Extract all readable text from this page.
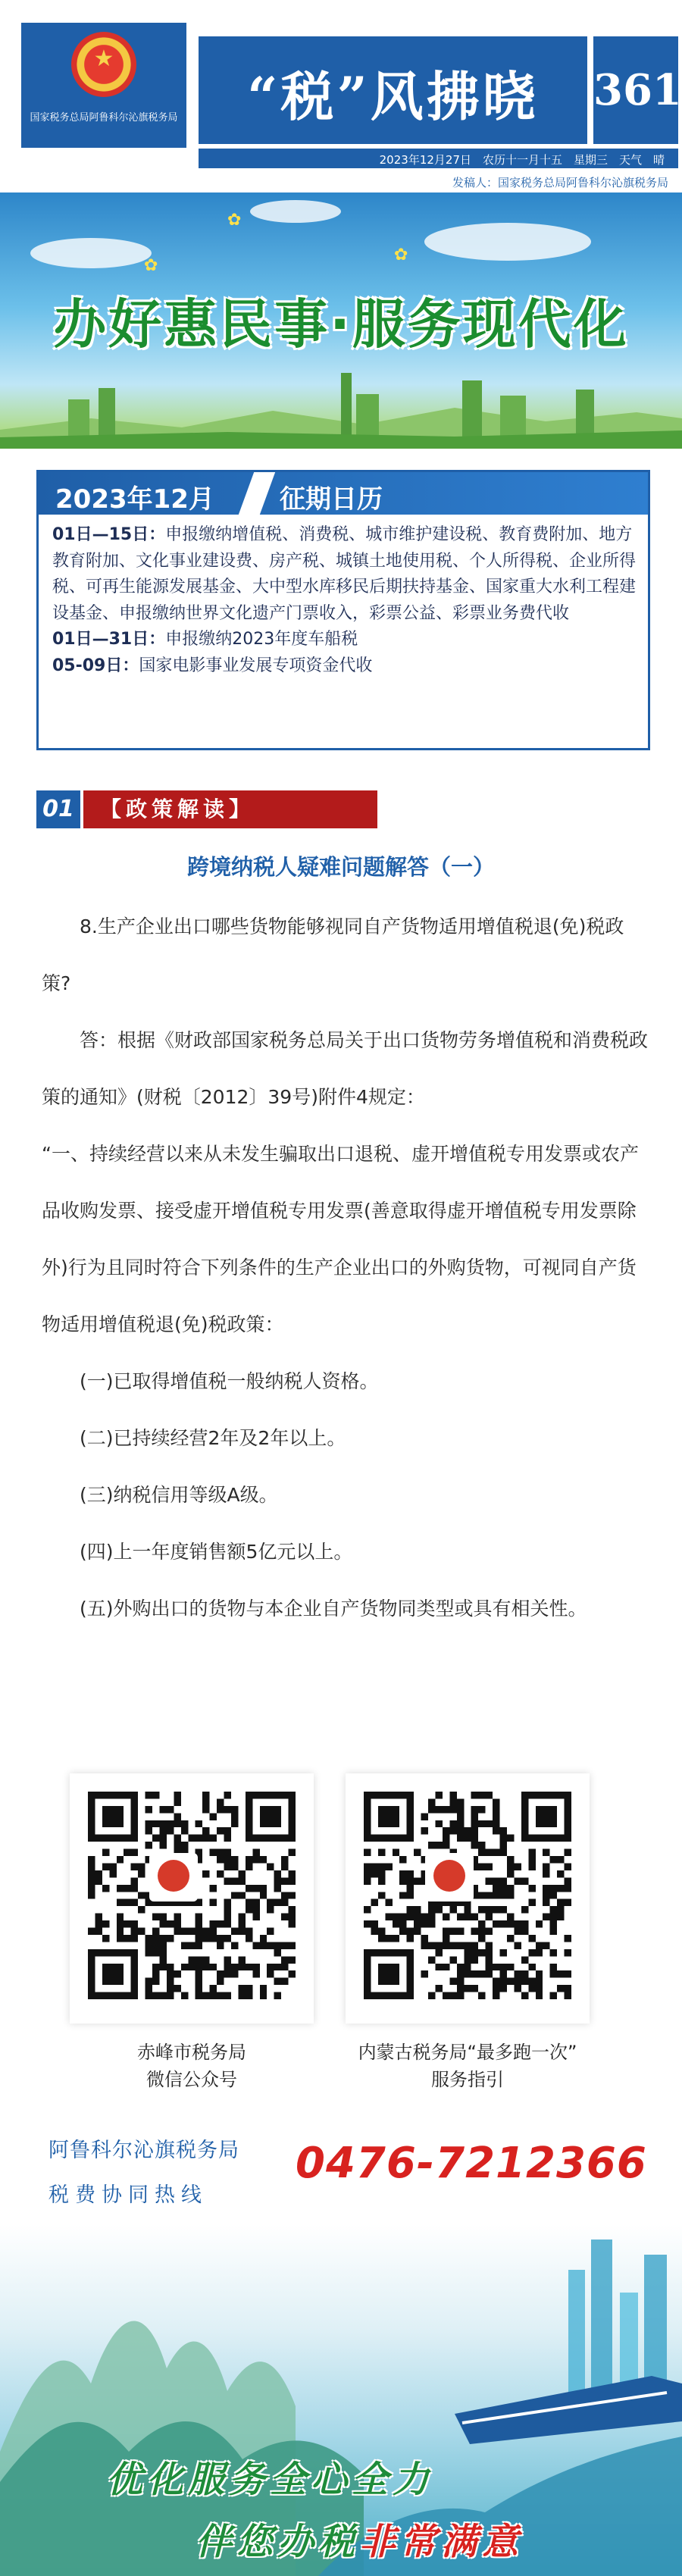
★
国家税务总局阿鲁科尔沁旗税务局	“税”风拂晓	361
2023年12月27日　农历十一月十五　星期三　天气　晴
发稿人：国家税务总局阿鲁科尔沁旗税务局
✿
✿
✿
办好惠民事·服务现代化
2023年12月	征期日历

01日—15日：申报缴纳增值税、消费税、城市维护建设税、教育费附加、地方教育附加、文化事业建设费、房产税、城镇土地使用税、个人所得税、企业所得税、可再生能源发展基金、大中型水库移民后期扶持基金、国家重大水利工程建设基金、申报缴纳世界文化遗产门票收入，彩票公益、彩票业务费代收

01日—31日：申报缴纳2023年度车船税

05-09日：国家电影事业发展专项资金代收

01	【政策解读】
跨境纳税人疑难问题解答（一）

8.生产企业出口哪些货物能够视同自产货物适用增值税退(免)税政策?

答：根据《财政部国家税务总局关于出口货物劳务增值税和消费税政策的通知》(财税〔2012〕39号)附件4规定：

“一、持续经营以来从未发生骗取出口退税、虚开增值税专用发票或农产品收购发票、接受虚开增值税专用发票(善意取得虚开增值税专用发票除外)行为且同时符合下列条件的生产企业出口的外购货物，可视同自产货物适用增值税退(免)税政策：

(一)已取得增值税一般纳税人资格。

(二)已持续经营2年及2年以上。

(三)纳税信用等级A级。

(四)上一年度销售额5亿元以上。

(五)外购出口的货物与本企业自产货物同类型或具有相关性。

赤峰市税务局
微信公众号
内蒙古税务局“最多跑一次”
服务指引
阿鲁科尔沁旗税务局
税费协同热线
0476-7212366
优化服务全心全力
伴您办税非常满意
